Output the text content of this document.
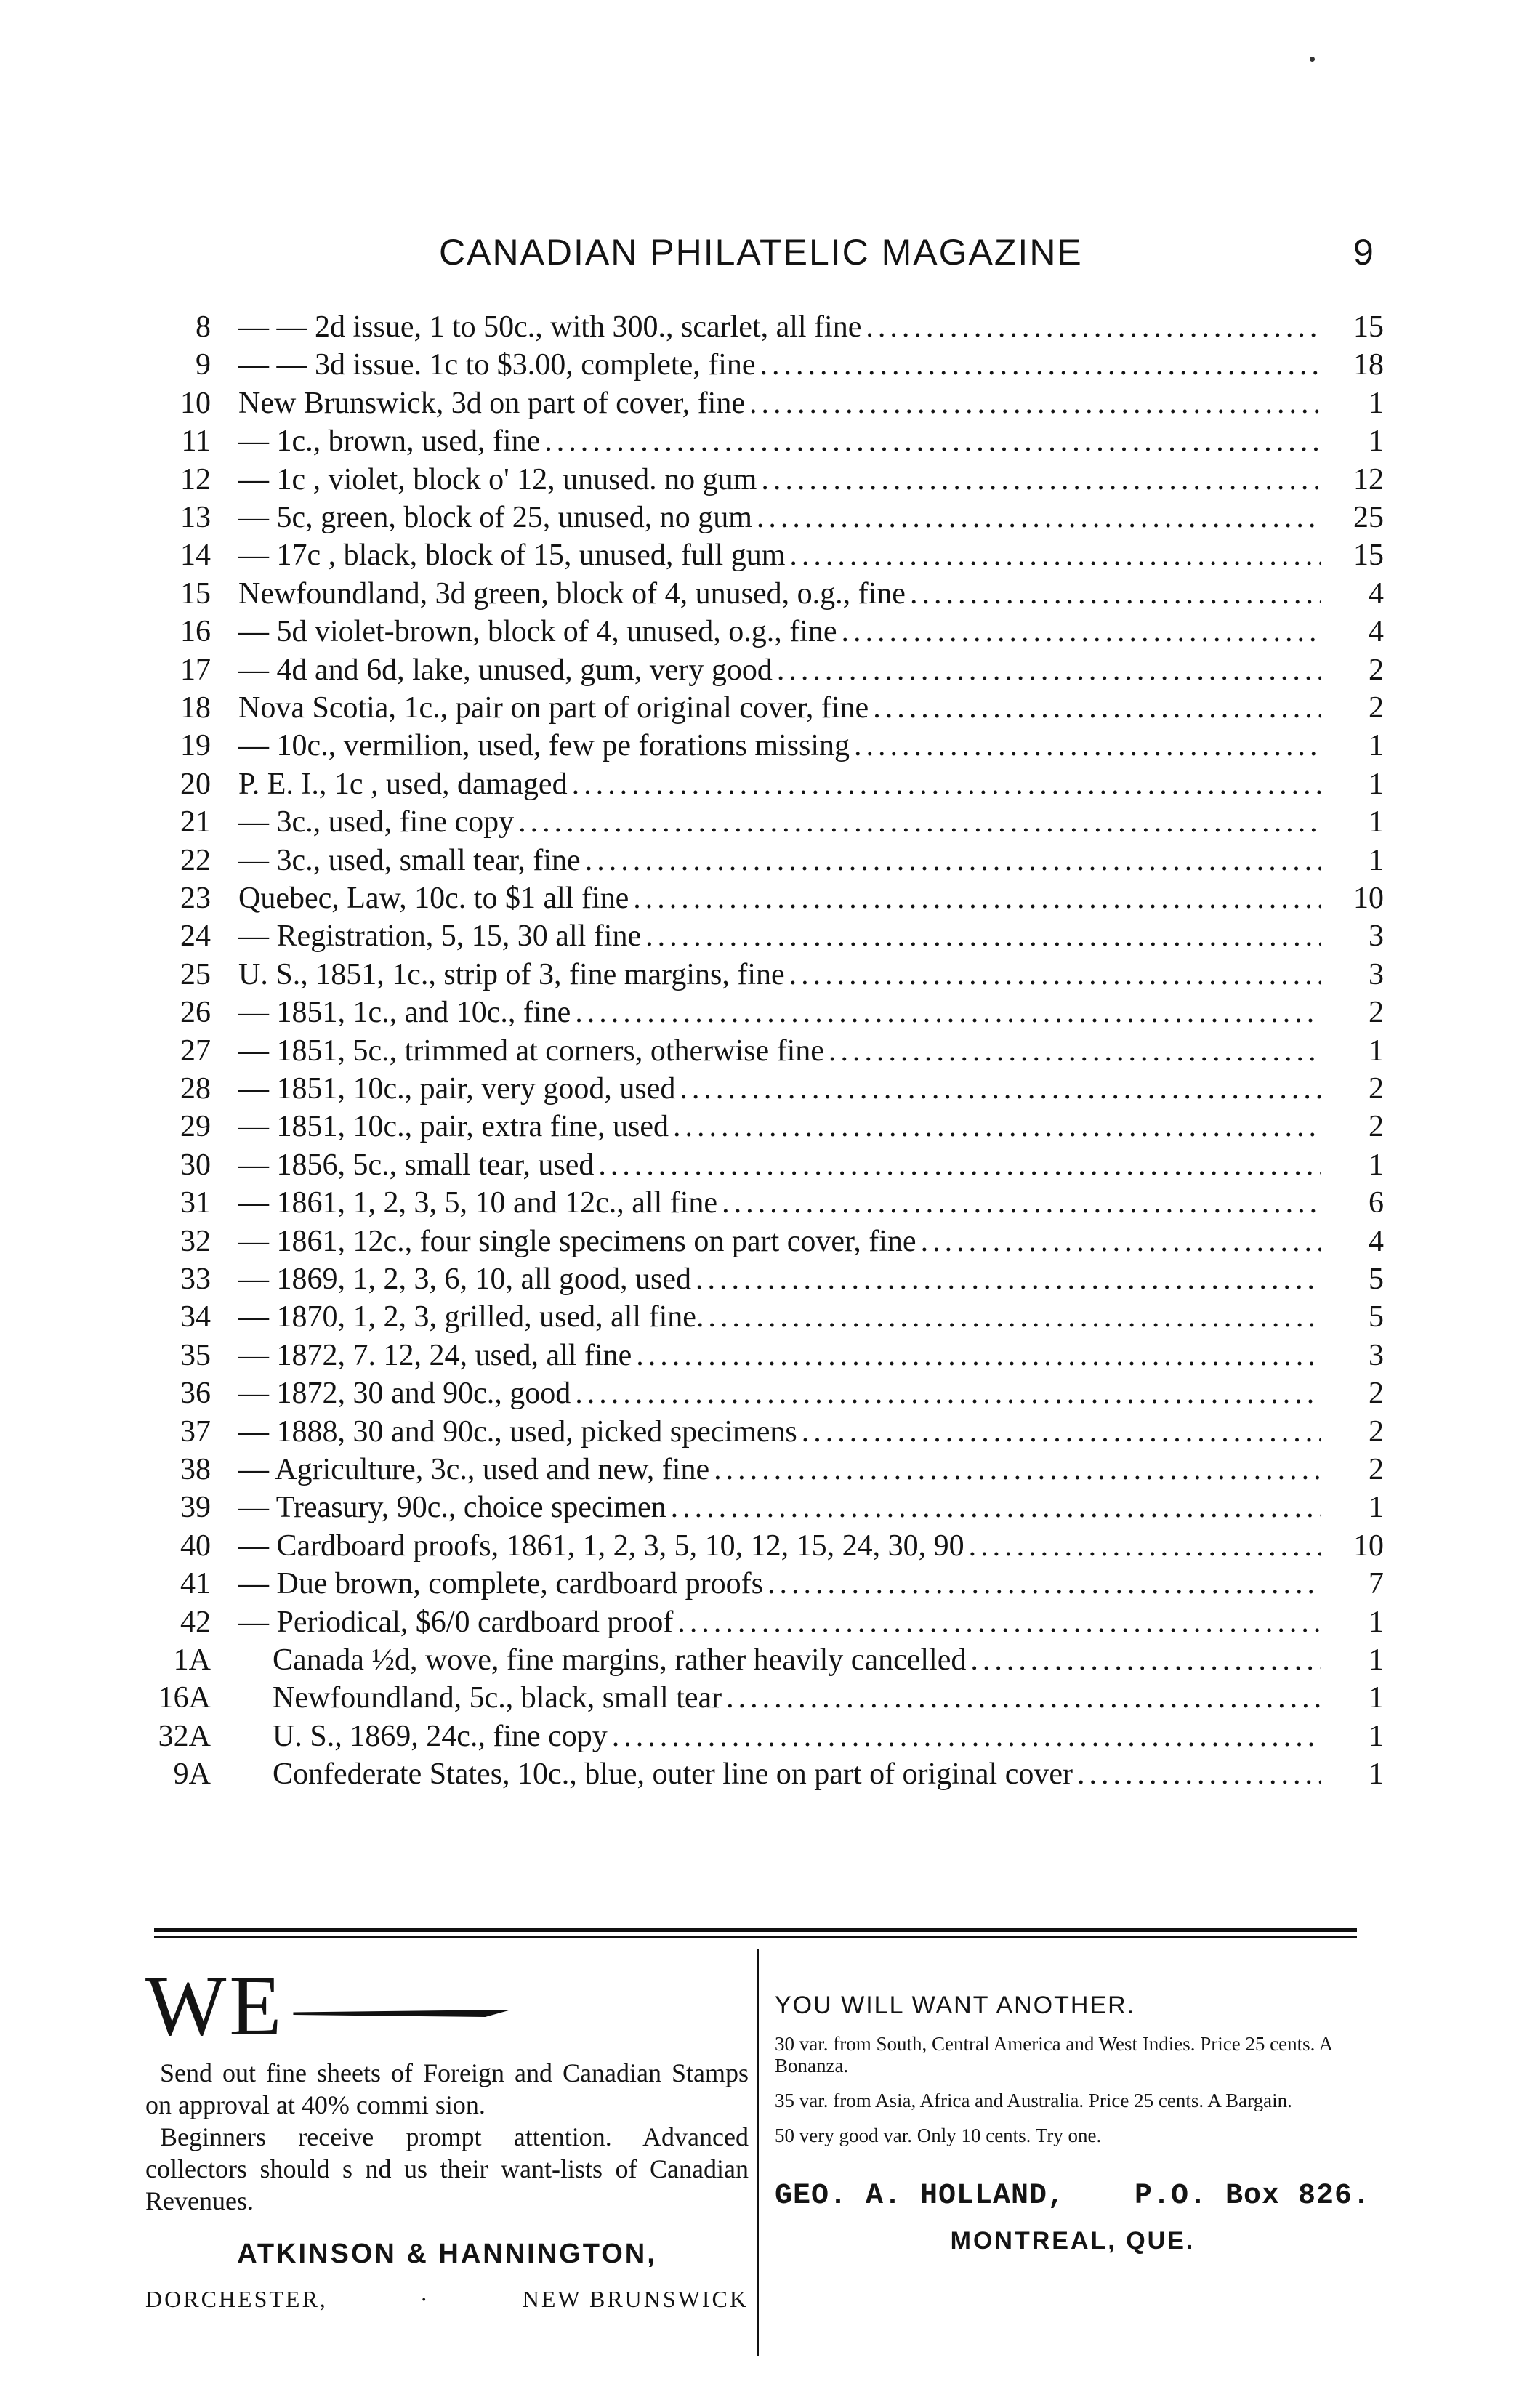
CANADIAN PHILATELIC MAGAZINE	9
8 — — 2d issue, 1 to 50c., with 300., scarlet, all fine .....	15
9 — — 3d issue. 1c to $3.00, complete, fine .....	18
10 New Brunswick, 3d on part of cover, fine .....	1
11 — 1c., brown, used, fine .....	1
12 — 1c , violet, block o' 12, unused. no gum .....	12
13 — 5c, green, block of 25, unused, no gum .....	25
14 — 17c , black, block of 15, unused, full gum .....	15
15 Newfoundland, 3d green, block of 4, unused, o.g., fine .....	4
16 — 5d violet-brown, block of 4, unused, o.g., fine .....	4
17 — 4d and 6d, lake, unused, gum, very good .....	2
18 Nova Scotia, 1c., pair on part of original cover, fine .....	2
19 — 10c., vermilion, used, few pe forations missing .....	1
20 P. E. I., 1c , used, damaged .....	1
21 — 3c., used, fine copy .....	1
22 — 3c., used, small tear, fine .....	1
23 Quebec, Law, 10c. to $1 all fine .....	10
24 — Registration, 5, 15, 30 all fine .....	3
25 U. S., 1851, 1c., strip of 3, fine margins, fine .....	3
26 — 1851, 1c., and 10c., fine .....	2
27 — 1851, 5c., trimmed at corners, otherwise fine .....	1
28 — 1851, 10c., pair, very good, used .....	2
29 — 1851, 10c., pair, extra fine, used .....	2
30 — 1856, 5c., small tear, used .....	1
31 — 1861, 1, 2, 3, 5, 10 and 12c., all fine .....	6
32 — 1861, 12c., four single specimens on part cover, fine .....	4
33 — 1869, 1, 2, 3, 6, 10, all good, used .....	5
34 — 1870, 1, 2, 3, grilled, used, all fine. .....	5
35 — 1872, 7. 12, 24, used, all fine .....	3
36 — 1872, 30 and 90c., good .....	2
37 — 1888, 30 and 90c., used, picked specimens .....	2
38 — Agriculture, 3c., used and new, fine .....	2
39 — Treasury, 90c., choice specimen .....	1
40 — Cardboard proofs, 1861, 1, 2, 3, 5, 10, 12, 15, 24, 30, 90 .....	10
41 — Due brown, complete, cardboard proofs .....	7
42 — Periodical, $6/0 cardboard proof .....	1
1A Canada ½d, wove, fine margins, rather heavily cancelled .....	1
16A Newfoundland, 5c., black, small tear .....	1
32A U. S., 1869, 24c., fine copy .....	1
9A Confederate States, 10c., blue, outer line on part of original cover .....	1
WE
Send out fine sheets of Foreign and Canadian Stamps on approval at 40% commi sion.
Beginners receive prompt attention. Advanced collectors should s nd us their want-lists of Canadian Revenues.
ATKINSON & HANNINGTON,
DORCHESTER,	·	NEW BRUNSWICK
YOU WILL WANT ANOTHER.
30 var. from South, Central America and West Indies. Price 25 cents. A Bonanza.
35 var. from Asia, Africa and Australia. Price 25 cents. A Bargain.
50 very good var. Only 10 cents. Try one.
GEO. A. HOLLAND, P.O. Box 826.
MONTREAL, QUE.
